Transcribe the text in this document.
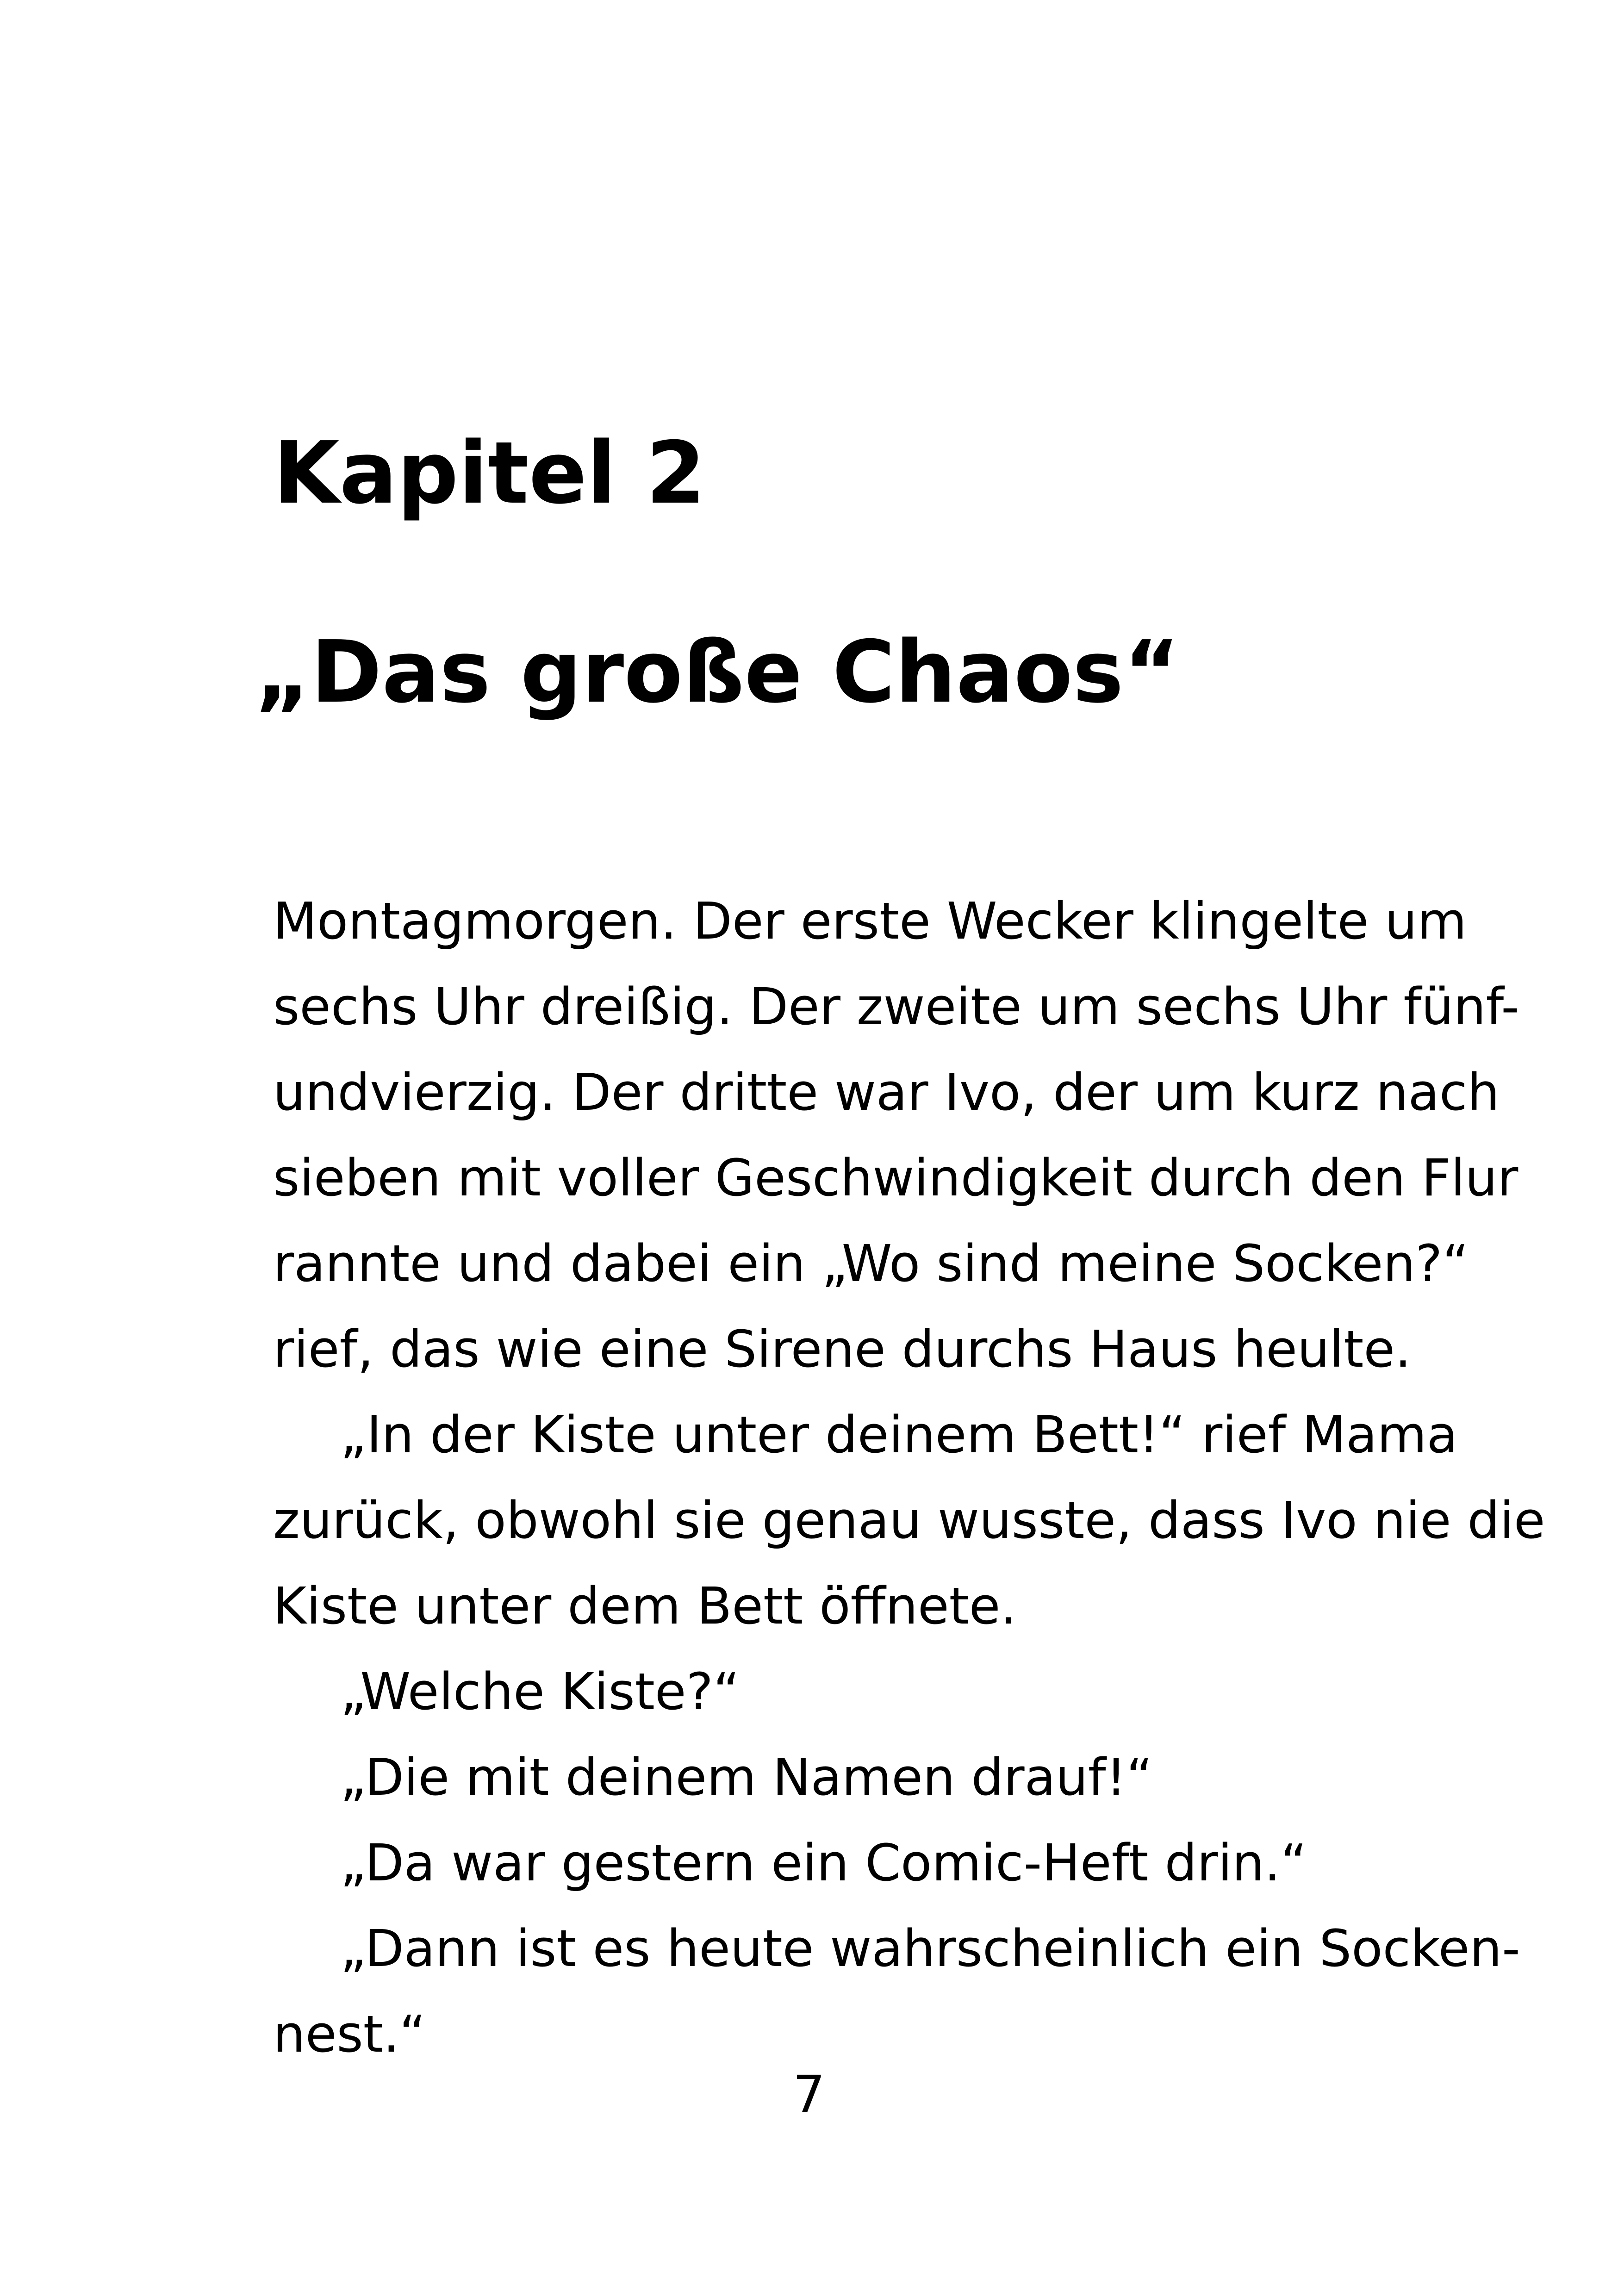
Kapitel 2
„Das große Chaos“

Montagmorgen. Der erste Wecker klingelte um

sechs Uhr dreißig. Der zweite um sechs Uhr fünf-

undvierzig. Der dritte war Ivo, der um kurz nach

sieben mit voller Geschwindigkeit durch den Flur

rannte und dabei ein „Wo sind meine Socken?“

rief, das wie eine Sirene durchs Haus heulte.

„In der Kiste unter deinem Bett!“ rief Mama

zurück, obwohl sie genau wusste, dass Ivo nie die

Kiste unter dem Bett öffnete.

„Welche Kiste?“

„Die mit deinem Namen drauf!“

„Da war gestern ein Comic-Heft drin.“

„Dann ist es heute wahrscheinlich ein Socken-

nest.“

7
